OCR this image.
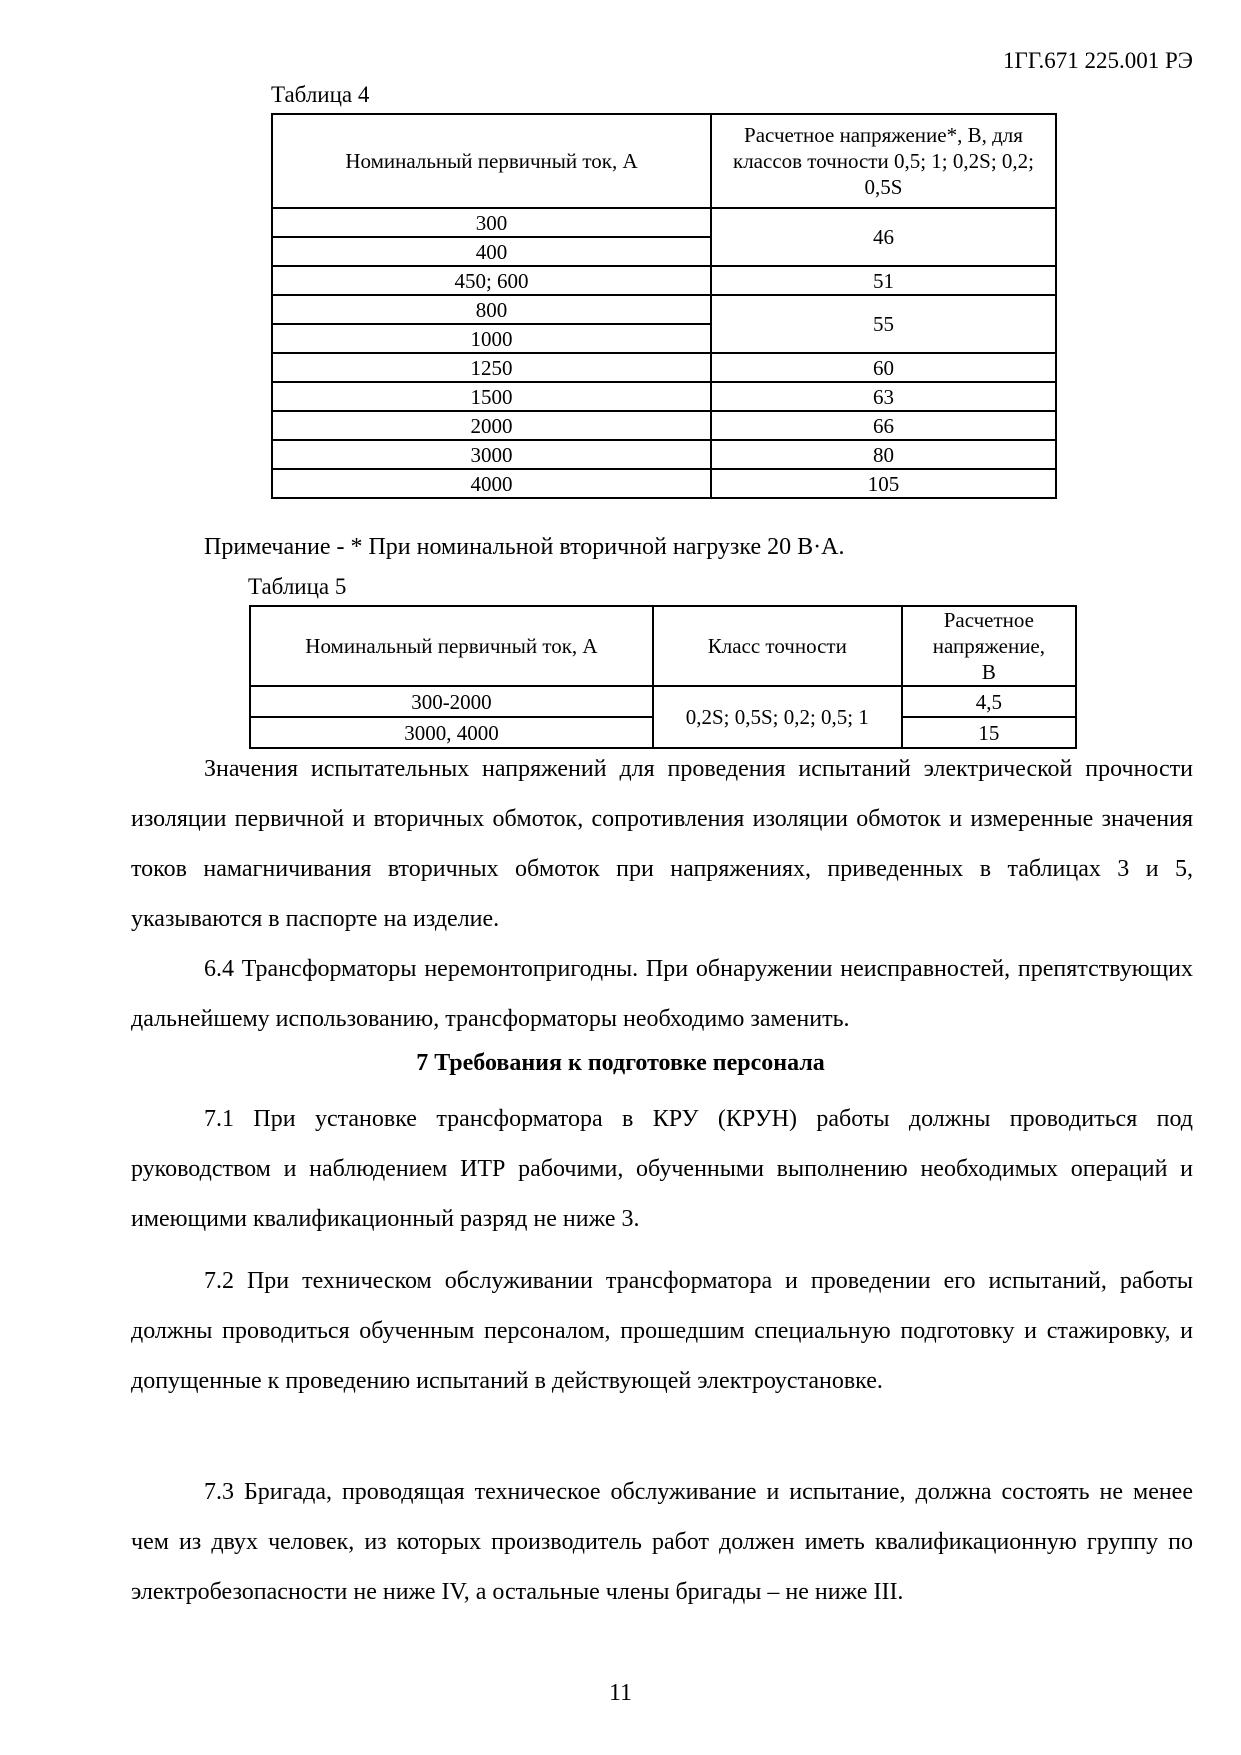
1ГГ.671 225.001 РЭ
Таблица 4
Номинальный первичный ток, А	Расчетное напряжение*, В, для классов точности 0,5; 1; 0,2S; 0,2; 0,5S
300	46
400	
450; 600	51
800	55
1000	
1250	60
1500	63
2000	66
3000	80
4000	105
Примечание - * При номинальной вторичной нагрузке 20 В·А.
Таблица 5
Номинальный первичный ток, А	Класс точности	Расчетное напряжение, В
300-2000	0,2S; 0,5S; 0,2; 0,5; 1	4,5
3000, 4000		15

Значения испытательных напряжений для проведения испытаний электрической прочности изоляции первичной и вторичных обмоток, сопротивления изоляции обмоток и измеренные значения токов намагничивания вторичных обмоток при напряжениях, приведенных в таблицах 3 и 5, указываются в паспорте на изделие.

6.4 Трансформаторы неремонтопригодны. При обнаружении неисправностей, препятствующих дальнейшему использованию, трансформаторы необходимо заменить.

7 Требования к подготовке персонала

7.1 При установке трансформатора в КРУ (КРУН) работы должны проводиться под руководством и наблюдением ИТР рабочими, обученными выполнению необходимых операций и имеющими квалификационный разряд не ниже 3.

7.2 При техническом обслуживании трансформатора и проведении его испытаний, работы должны проводиться обученным персоналом, прошедшим специальную подготовку и стажировку, и допущенные к проведению испытаний в действующей электроустановке.

7.3 Бригада, проводящая техническое обслуживание и испытание, должна состоять не менее чем из двух человек, из которых производитель работ должен иметь квалификационную группу по электробезопасности не ниже IV, а остальные члены бригады – не ниже III.

11
